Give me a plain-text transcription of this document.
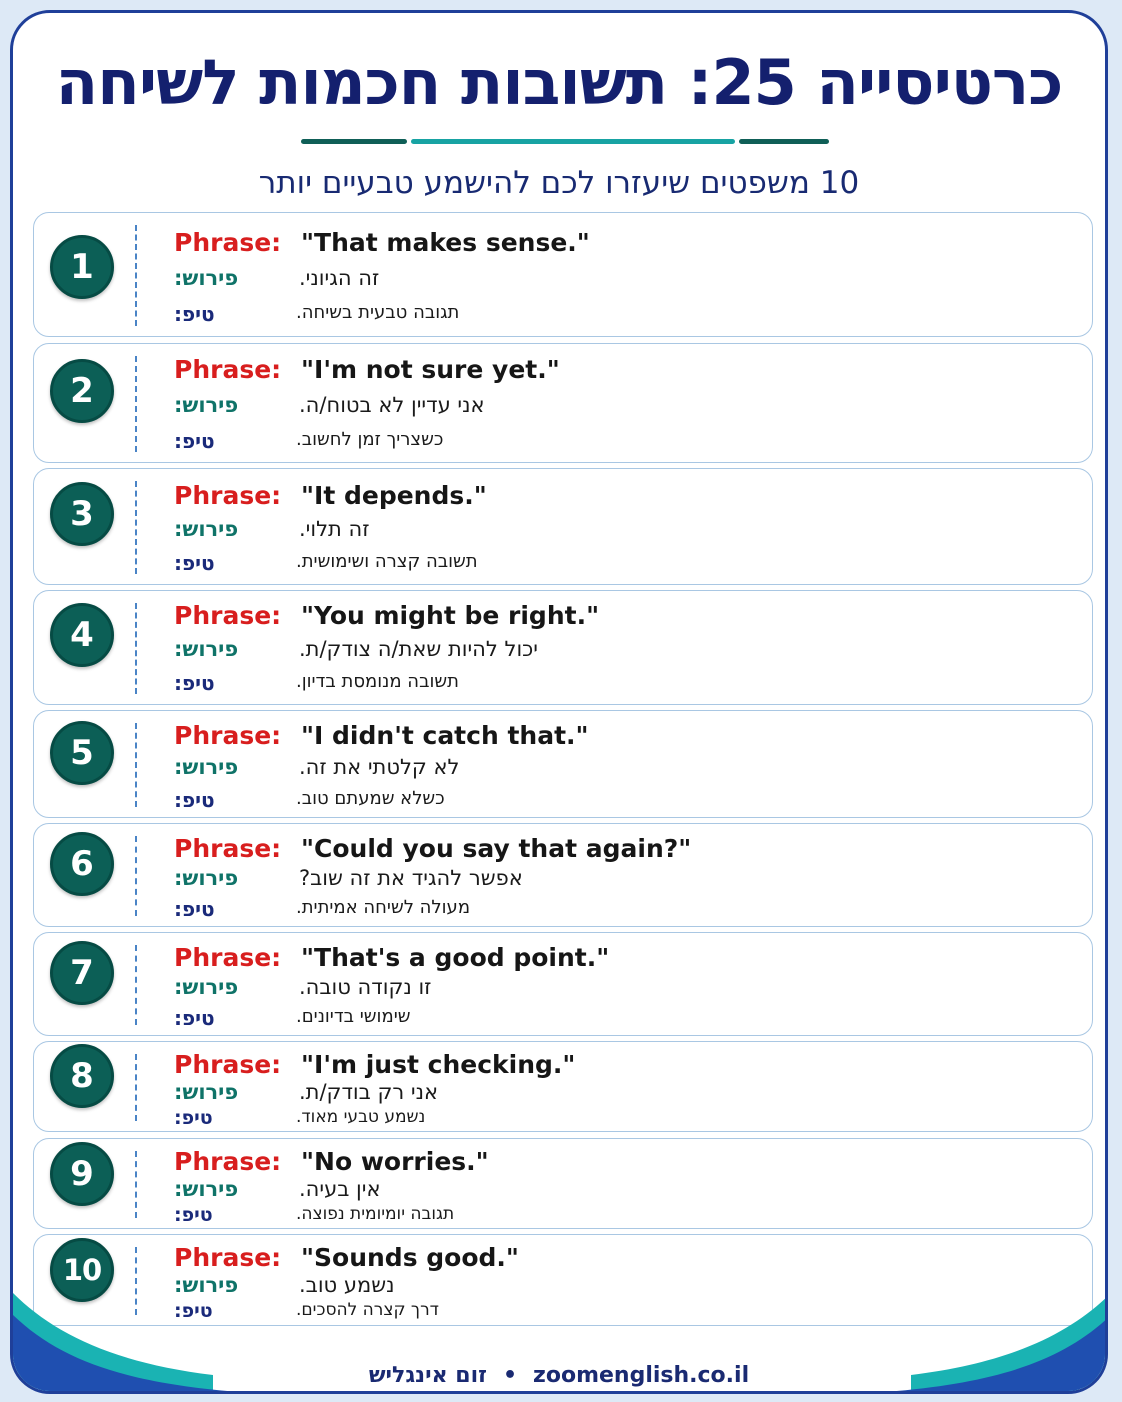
כרטיסייה 25: תשובות חכמות לשיחה
10 משפטים שיעזרו לכם להישמע טבעיים יותר
1
Phrase: "That makes sense."
פירוש:	זה הגיוני.
טיפ:	תגובה טבעית בשיחה.
2
Phrase: "I'm not sure yet."
פירוש:	אני עדיין לא בטוח/ה.
טיפ:	כשצריך זמן לחשוב.
3	Phrase: "It depends."
פירוש:	זה תלוי.
טיפ:	תשובה קצרה ושימושית.
4	Phrase: "You might be right."
פירוש:	יכול להיות שאת/ה צודק/ת.
טיפ:	תשובה מנומסת בדיון.
5	Phrase: "I didn't catch that."
פירוש:	לא קלטתי את זה.
טיפ:	כשלא שמעתם טוב.
6	Phrase: "Could you say that again?"
פירוש:	אפשר להגיד את זה שוב?
טיפ:	מעולה לשיחה אמיתית.
7	Phrase: "That's a good point."
פירוש:	זו נקודה טובה.
טיפ:	שימושי בדיונים.
8	Phrase: "I'm just checking."
פירוש:	אני רק בודק/ת.
טיפ:	נשמע טבעי מאוד.
9	Phrase: "No worries."
פירוש:	אין בעיה.
טיפ:	תגובה יומיומית נפוצה.
10	Phrase: "Sounds good."
פירוש:	נשמע טוב.
טיפ:	דרך קצרה להסכים.
זום אינגליש • zoomenglish.co.il
